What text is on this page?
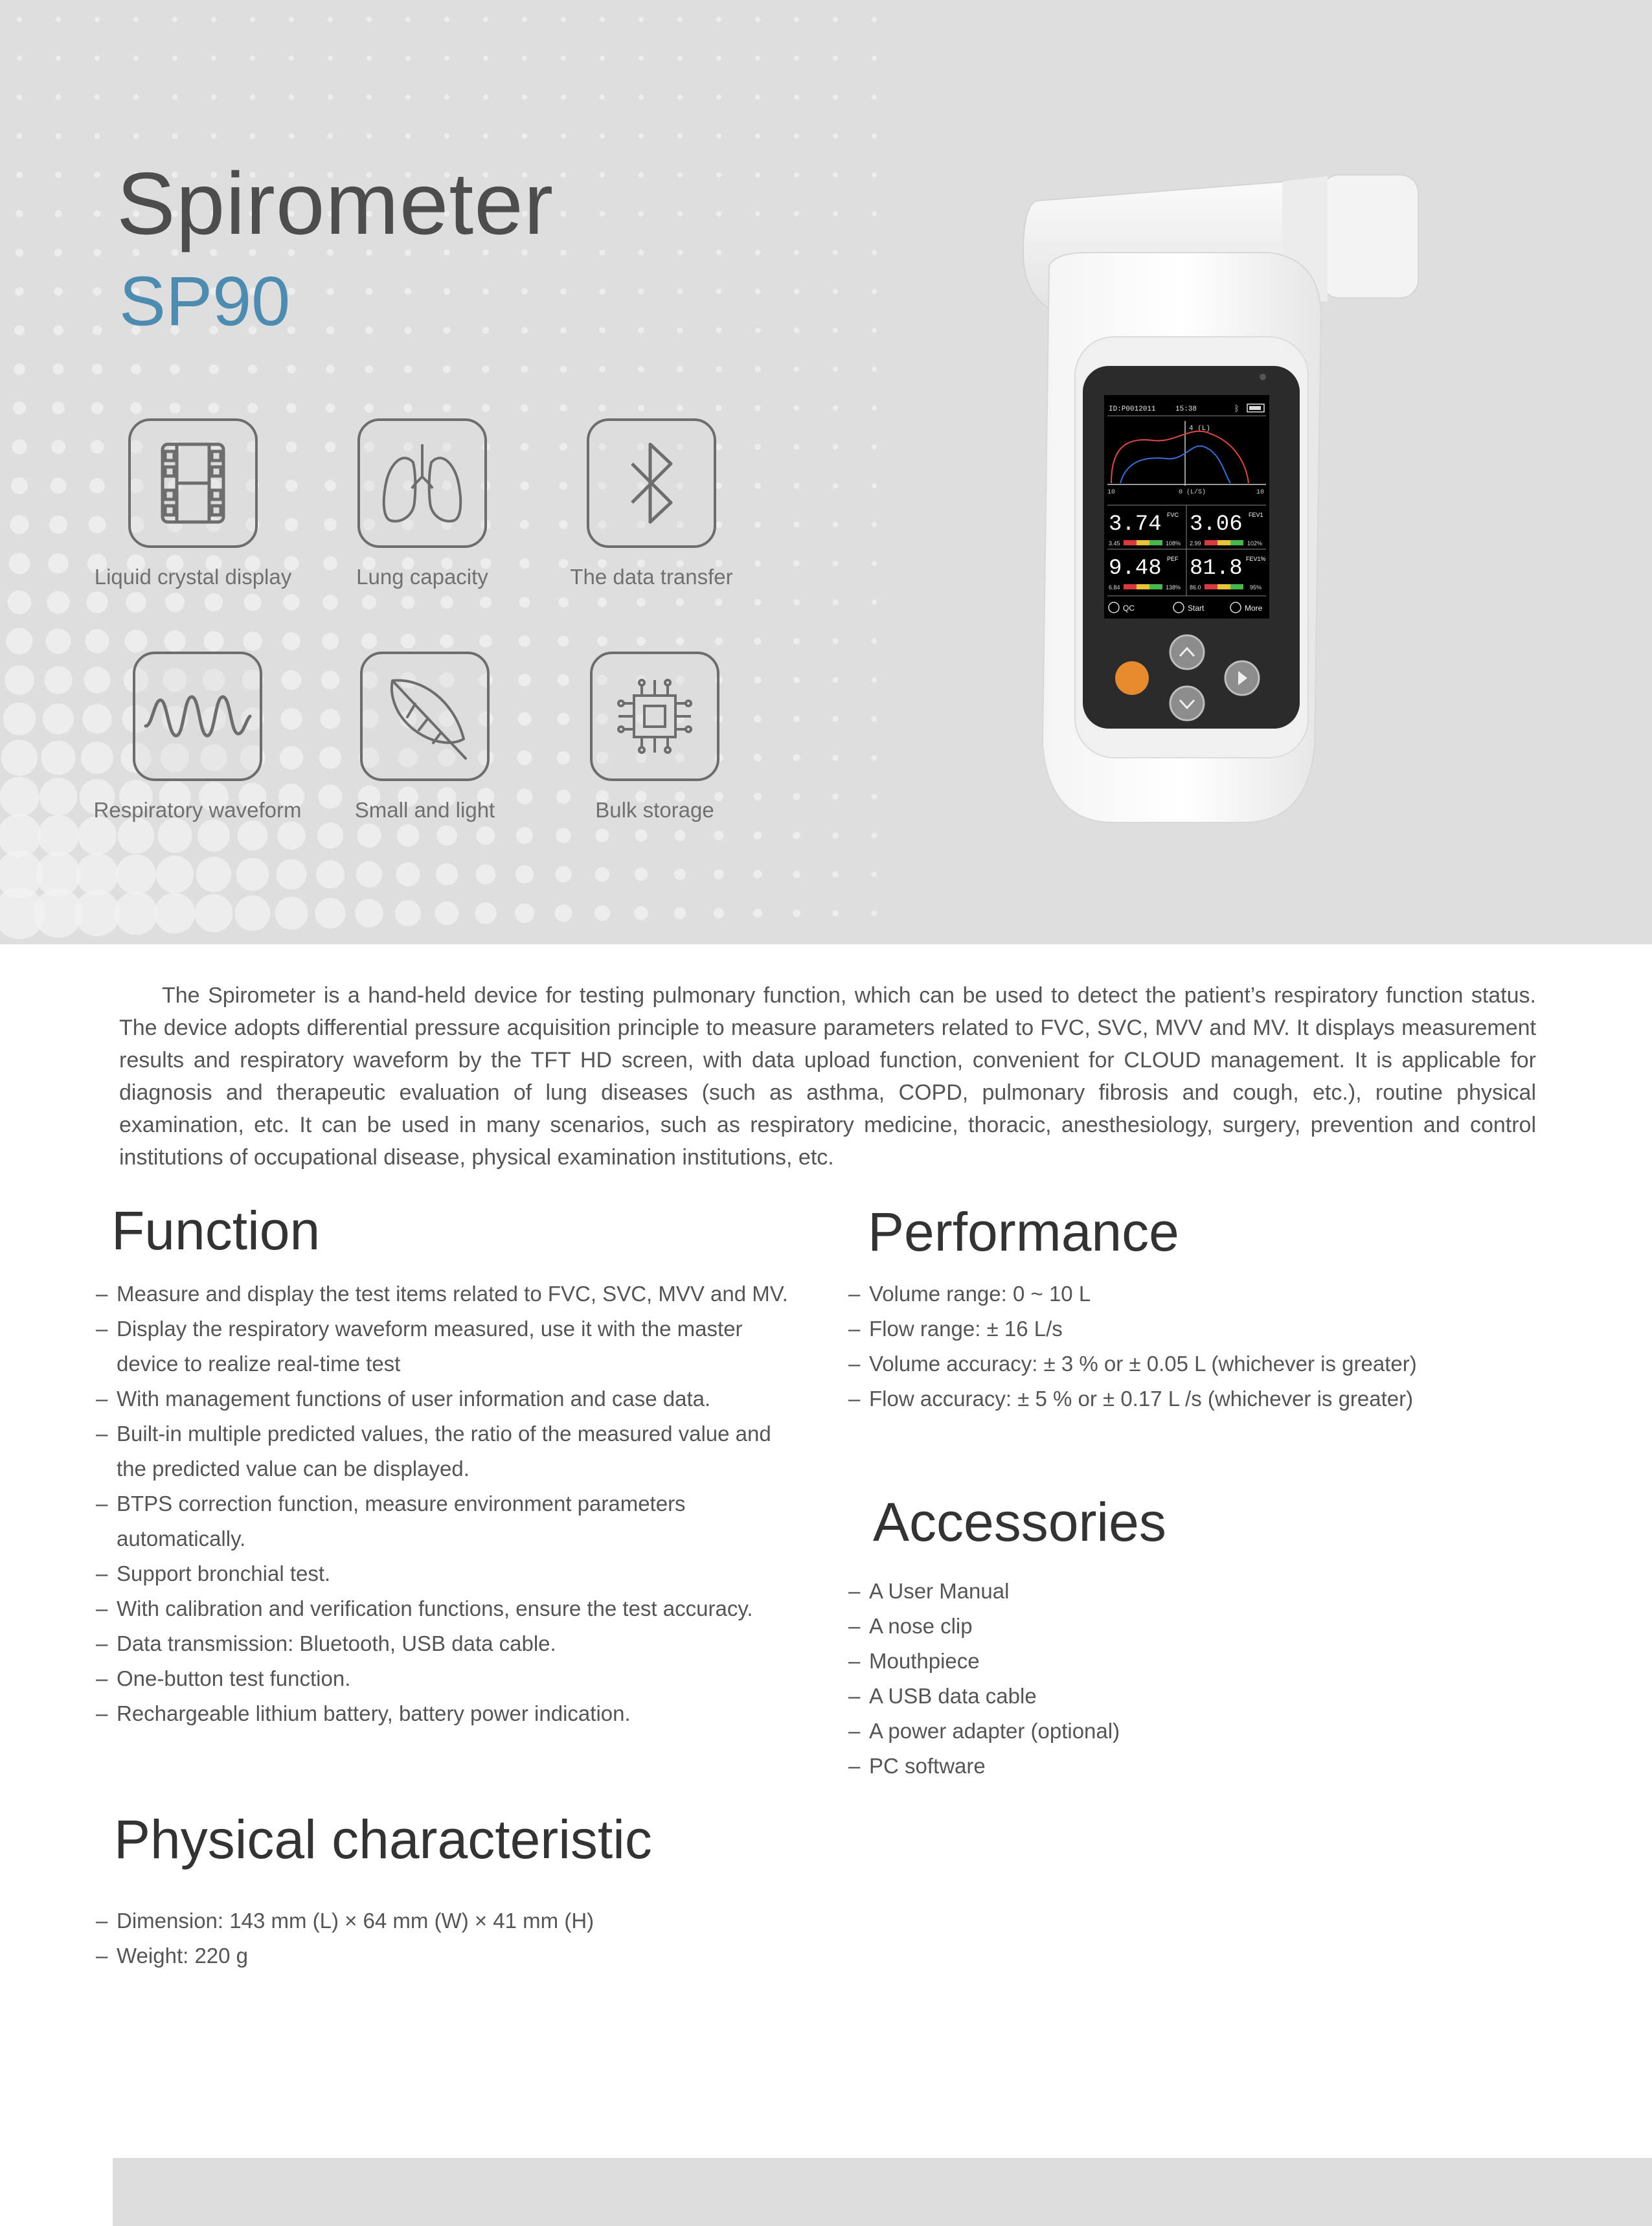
Spirometer
SP90
Liquid crystal display	Lung capacity	The data transfer
Respiratory waveform	Small and light	Bulk storage
ID:P0012011	15:38	ᛒ
4 (L)
10	0 (L/S)	10
3.74 FVC 3.06 FEV1
3.45	108% 2.99	102%
9.48 PEF 81.8 FEV1%
6.84	138% 86.0	95%
QC	Start	More

The Spirometer is a hand-held device for testing pulmonary function, which can be used to detect the patient’s respiratory function status. The device adopts differential pressure acquisition principle to measure parameters related to FVC, SVC, MVV and MV. It displays measurement results and respiratory waveform by the TFT HD screen, with data upload function, convenient for CLOUD management. It is applicable for diagnosis and therapeutic evaluation of lung diseases (such as asthma, COPD, pulmonary fibrosis and cough, etc.), routine physical examination, etc. It can be used in many scenarios, such as respiratory medicine, thoracic, anesthesiology, surgery, prevention and control institutions of occupational disease, physical examination institutions, etc.

Function
– Measure and display the test items related to FVC, SVC, MVV and MV.
– Display the respiratory waveform measured, use it with the master device to realize real-time test
– With management functions of user information and case data.
– Built-in multiple predicted values, the ratio of the measured value and the predicted value can be displayed.
– BTPS correction function, measure environment parameters automatically.
– Support bronchial test.
– With calibration and verification functions, ensure the test accuracy.
– Data transmission: Bluetooth, USB data cable.
– One-button test function.
– Rechargeable lithium battery, battery power indication.
Performance
– Volume range: 0 ~ 10 L
– Flow range: ± 16 L/s
– Volume accuracy: ± 3 % or ± 0.05 L (whichever is greater)
– Flow accuracy: ± 5 % or ± 0.17 L /s (whichever is greater)
Accessories
– A User Manual
– A nose clip
– Mouthpiece
– A USB data cable
– A power adapter (optional)
– PC software
Physical characteristic
– Dimension: 143 mm (L) × 64 mm (W) × 41 mm (H)
– Weight: 220 g
